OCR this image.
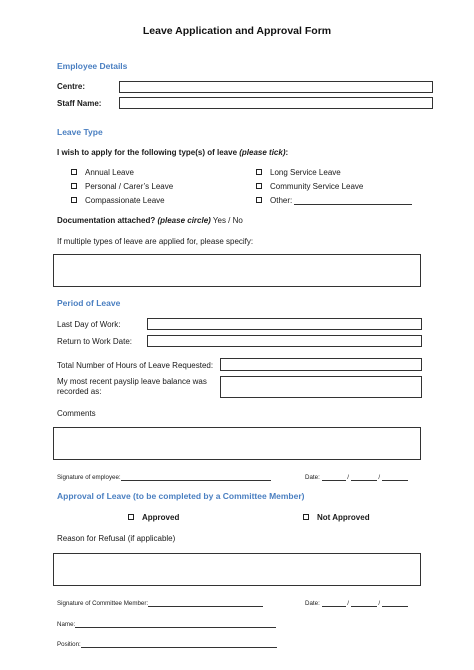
Leave Application and Approval Form
Employee Details
Centre:
Staff Name:
Leave Type
I wish to apply for the following type(s) of leave (please tick):
Annual Leave
Personal / Carer’s Leave
Compassionate Leave
Long Service Leave
Community Service Leave
Other:
Documentation attached? (please circle) Yes / No
If multiple types of leave are applied for, please specify:
Period of Leave
Last Day of Work:
Return to Work Date:
Total Number of Hours of Leave Requested:
My most recent payslip leave balance was
recorded as:
Comments
Signature of employee:	Date:	/	/
Approval of Leave (to be completed by a Committee Member)
Approved	Not Approved
Reason for Refusal (if applicable)
Signature of Committee Member:	Date:	/	/
Name:
Position:
